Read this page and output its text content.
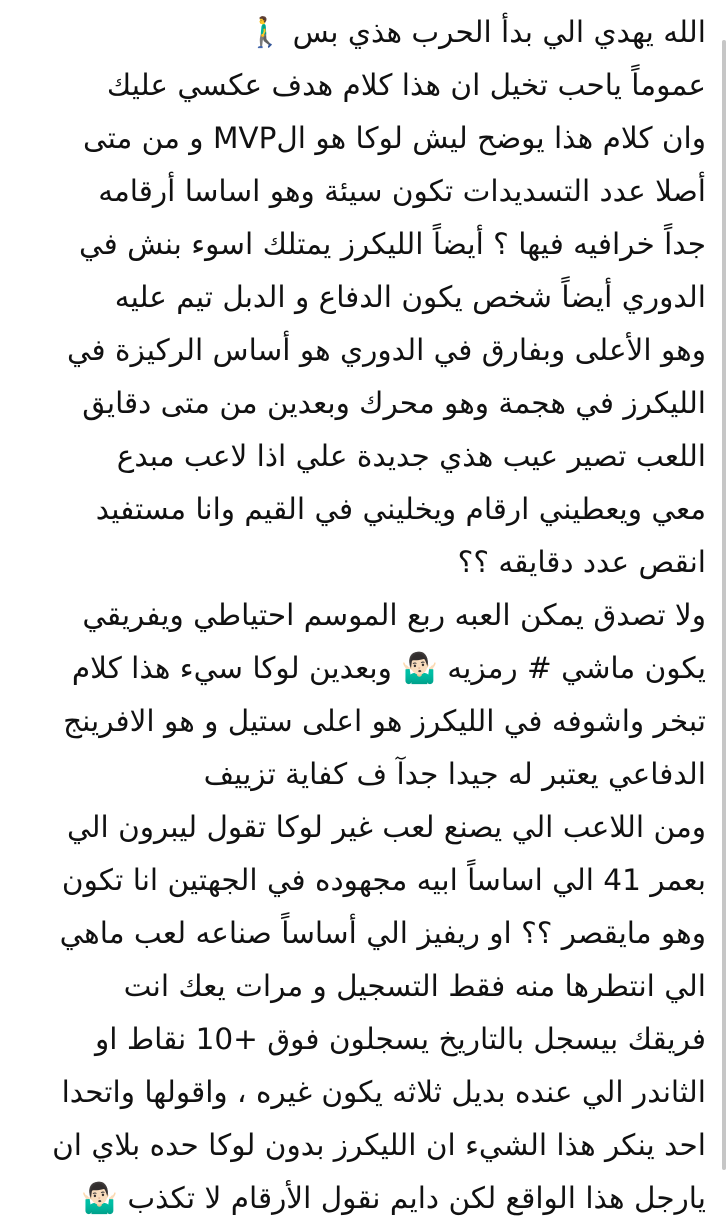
الله يهدي الي بدأ الحرب هذي بس 🚶‍♂️
عموماً ياحب تخيل ان هذا كلام هدف عكسي عليك
وان كلام هذا يوضح ليش لوكا هو الMVP و من متى
أصلا عدد التسديدات تكون سيئة وهو اساسا أرقامه
جداً خرافيه فيها ؟ أيضاً الليكرز يمتلك اسوء بنش في
الدوري أيضاً شخص يكون الدفاع و الدبل تيم عليه
وهو الأعلى وبفارق في الدوري هو أساس الركيزة في
الليكرز في هجمة وهو محرك وبعدين من متى دقايق
اللعب تصير عيب هذي جديدة علي اذا لاعب مبدع
معي ويعطيني ارقام ويخليني في القيم وانا مستفيد
انقص عدد دقايقه ؟؟
ولا تصدق يمكن العبه ربع الموسم احتياطي ويفريقي
يكون ماشي # رمزيه 🤷🏻‍♂️ وبعدين لوكا سيء هذا كلام
تبخر واشوفه في الليكرز هو اعلى ستيل و هو الافرينج
الدفاعي يعتبر له جيدا جدآ ف كفاية تزييف
ومن اللاعب الي يصنع لعب غير لوكا تقول ليبرون الي
بعمر 41 الي اساساً ابيه مجهوده في الجهتين انا تكون
وهو مايقصر ؟؟ او ريفيز الي أساساً صناعه لعب ماهي
الي انتطرها منه فقط التسجيل و مرات يعك انت
فريقك بيسجل بالتاريخ يسجلون فوق +10 نقاط او
الثاندر الي عنده بديل ثلاثه يكون غيره ، واقولها واتحدا
احد ينكر هذا الشيء ان الليكرز بدون لوكا حده بلاي ان
يارجل هذا الواقع لكن دايم نقول الأرقام لا تكذب 🤷🏻‍♂️
